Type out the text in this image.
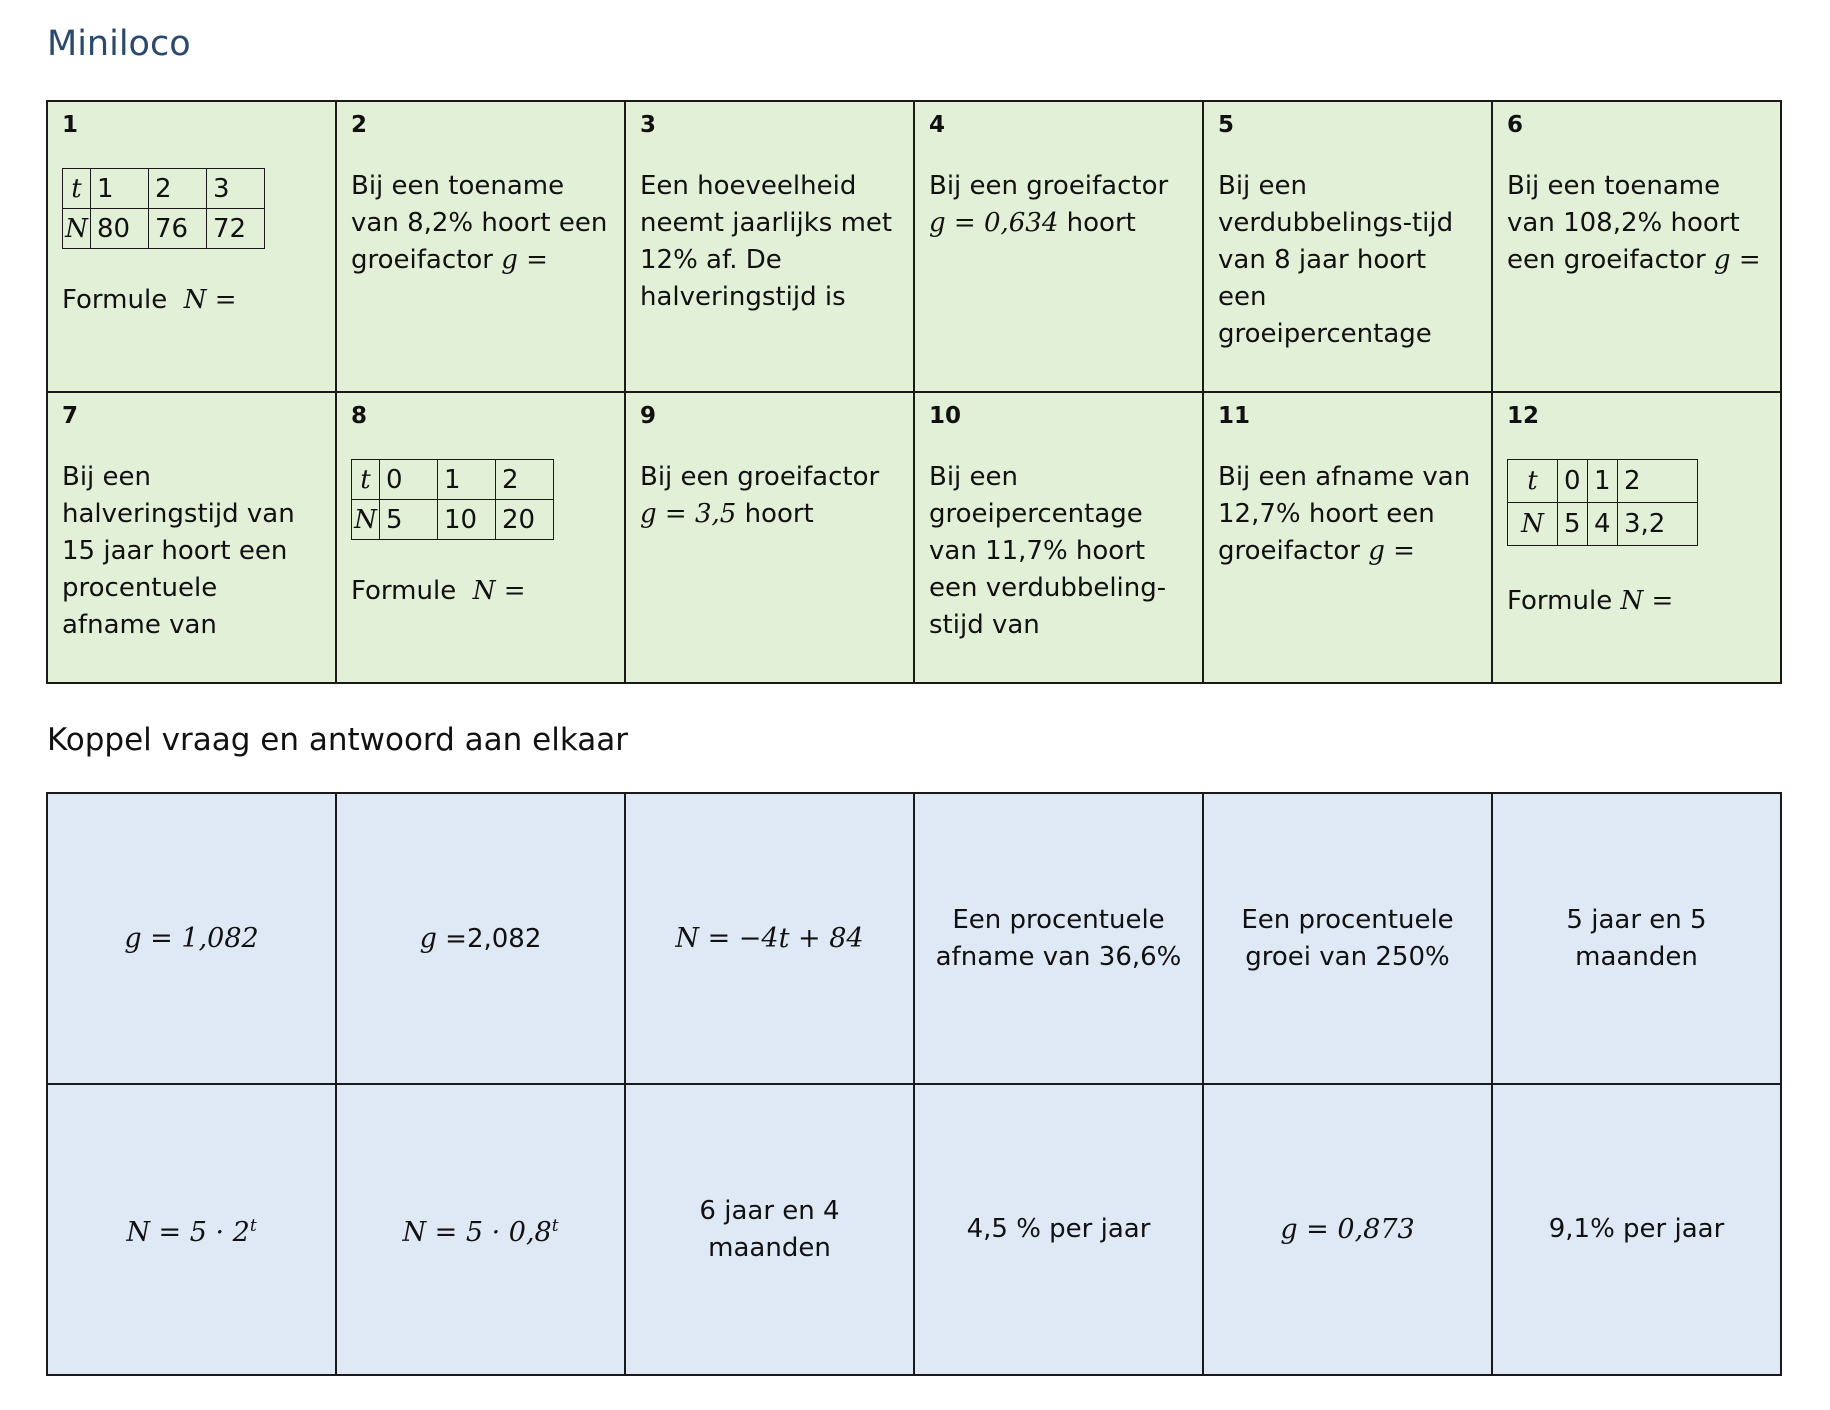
Miniloco
1
t	1	2	3
N	80	76	72
Formule N =

2
Bij een toename van 8,2% hoort een groeifactor g =

3
Een hoeveelheid neemt jaarlijks met 12% af. De halveringstijd is

4
Bij een groeifactor
g = 0,634 hoort

5
Bij een verdubbelings-tijd van 8 jaar hoort een groeipercentage

6
Bij een toename van 108,2% hoort een groeifactor g =

7
Bij een halveringstijd van 15 jaar hoort een procentuele afname van

8
t	0	1	2
N	5	10	20
Formule N =

9
Bij een groeifactor
g = 3,5 hoort

10
Bij een groeipercentage van 11,7% hoort een verdubbeling-stijd van

11
Bij een afname van 12,7% hoort een groeifactor g =

12
t	0	1	2
N	5	4	3,2
Formule N =
Koppel vraag en antwoord aan elkaar
g = 1,082	g =2,082	N = −4t + 84	Een procentuele afname van 36,6%	Een procentuele groei van 250%	5 jaar en 5 maanden
$N = 5 \cdot 2^t$	$N = 5 \cdot 0,8^t$	6 jaar en 4 maanden	4,5 % per jaar	g = 0,873	9,1% per jaar
